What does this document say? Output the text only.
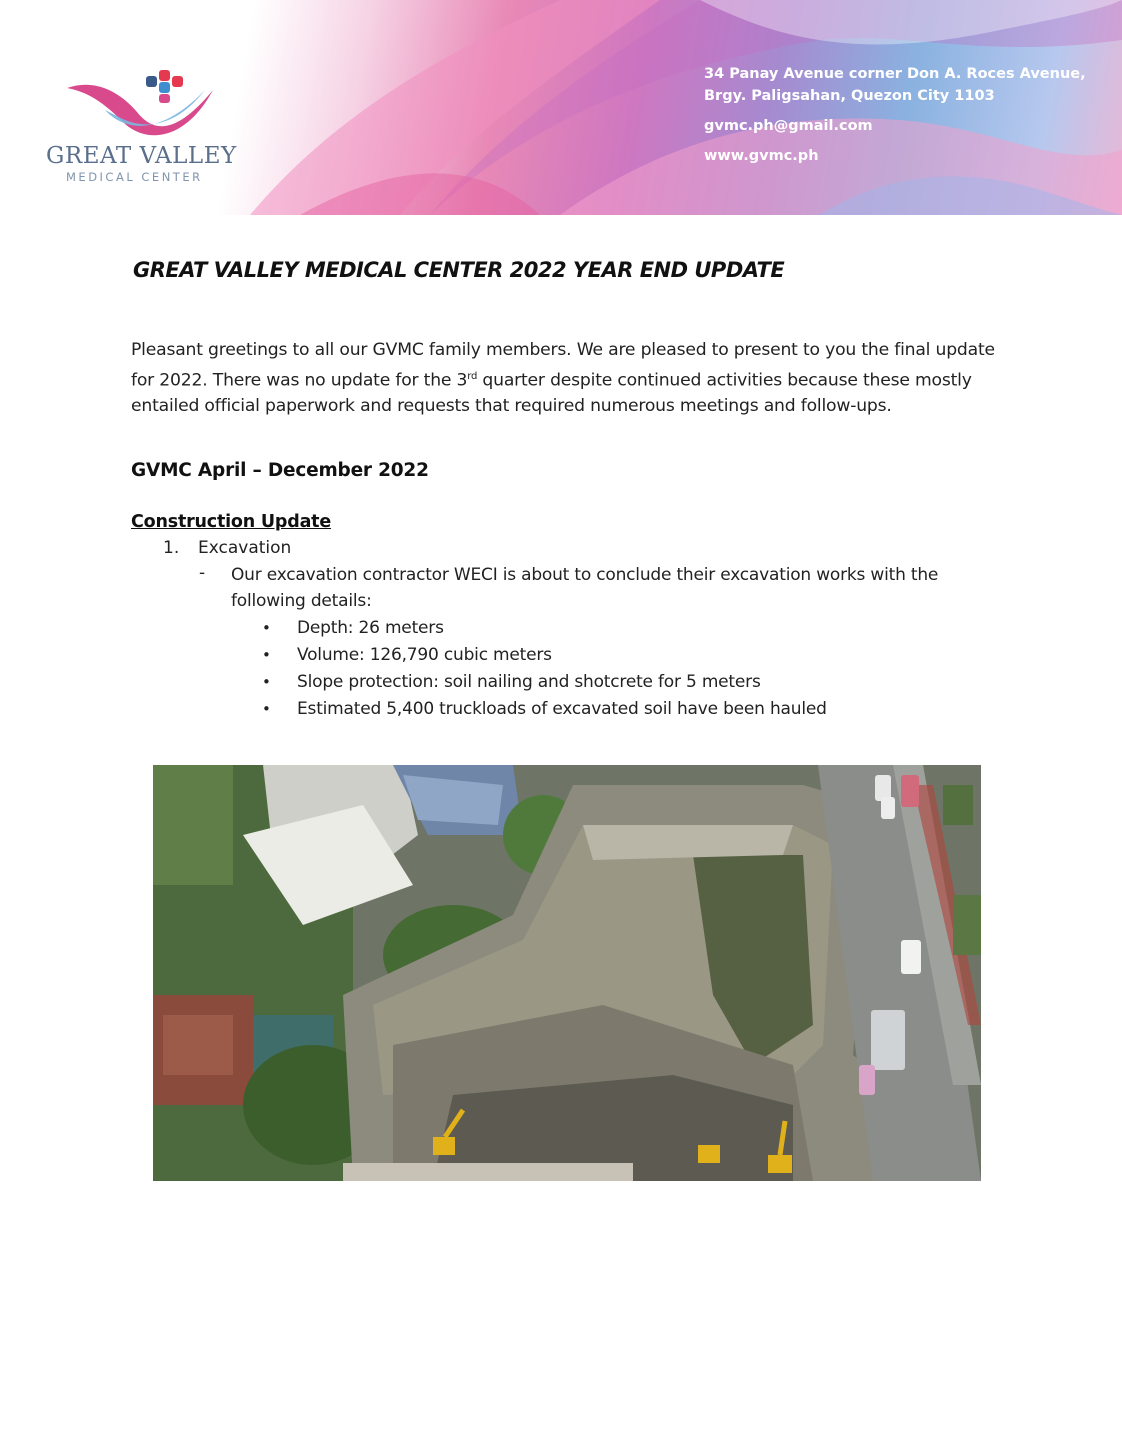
GREAT VALLEY
MEDICAL CENTER
34 Panay Avenue corner Don A. Roces Avenue,
Brgy. Paligsahan, Quezon City 1103
gvmc.ph@gmail.com
www.gvmc.ph
GREAT VALLEY MEDICAL CENTER 2022 YEAR END UPDATE
Pleasant greetings to all our GVMC family members. We are pleased to present to you the final update for 2022. There was no update for the 3rd quarter despite continued activities because these mostly entailed official paperwork and requests that required numerous meetings and follow-ups.
GVMC April – December 2022
Construction Update
1. Excavation
- Our excavation contractor WECI is about to conclude their excavation works with the following details:
• Depth: 26 meters
• Volume: 126,790 cubic meters
• Slope protection: soil nailing and shotcrete for 5 meters
• Estimated 5,400 truckloads of excavated soil have been hauled
